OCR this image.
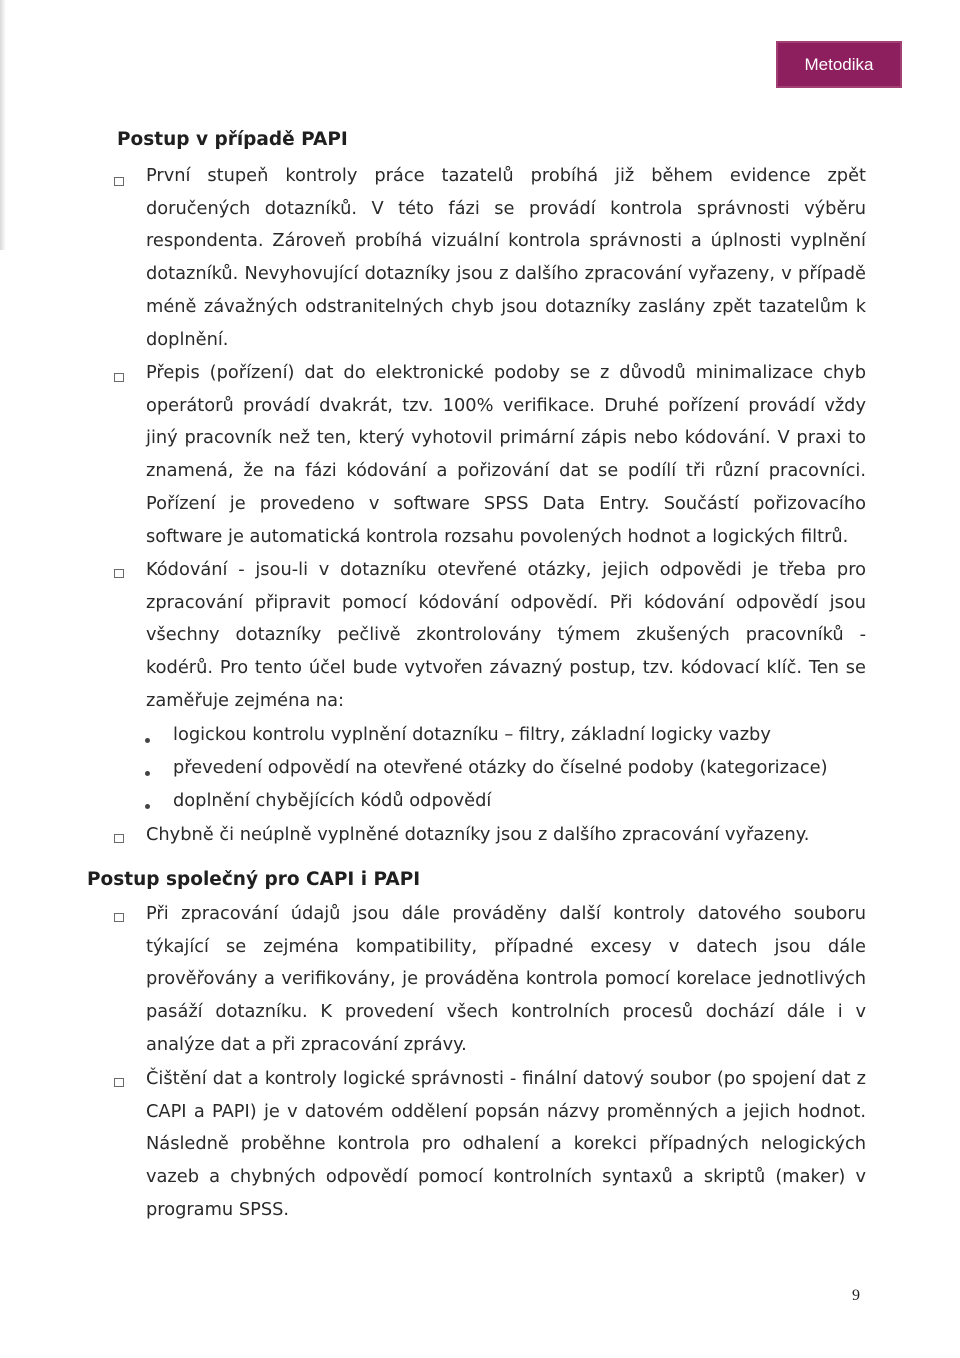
Metodika
Postup v případě PAPI

První stupeň kontroly práce tazatelů probíhá již během evidence zpět doručených dotazníků. V této fázi se provádí kontrola správnosti výběru respondenta. Zároveň probíhá vizuální kontrola správnosti a úplnosti vyplnění dotazníků. Nevyhovující dotazníky jsou z dalšího zpracování vyřazeny, v případě méně závažných odstranitelných chyb jsou dotazníky zaslány zpět tazatelům k doplnění.

Přepis (pořízení) dat do elektronické podoby se z důvodů minimalizace chyb operátorů provádí dvakrát, tzv. 100% verifikace. Druhé pořízení provádí vždy jiný pracovník než ten, který vyhotovil primární zápis nebo kódování. V praxi to znamená, že na fázi kódování a pořizování dat se podílí tři různí pracovníci. Pořízení je provedeno v software SPSS Data Entry. Součástí pořizovacího software je automatická kontrola rozsahu povolených hodnot a logických filtrů.

Kódování - jsou-li v dotazníku otevřené otázky, jejich odpovědi je třeba pro zpracování připravit pomocí kódování odpovědí. Při kódování odpovědí jsou všechny dotazníky pečlivě zkontrolovány týmem zkušených pracovníků - kodérů. Pro tento účel bude vytvořen závazný postup, tzv. kódovací klíč. Ten se zaměřuje zejména na:

logickou kontrolu vyplnění dotazníku – filtry, základní logicky vazby

převedení odpovědí na otevřené otázky do číselné podoby (kategorizace)

doplnění chybějících kódů odpovědí

Chybně či neúplně vyplněné dotazníky jsou z dalšího zpracování vyřazeny.

Postup společný pro CAPI i PAPI

Při zpracování údajů jsou dále prováděny další kontroly datového souboru týkající se zejména kompatibility, případné excesy v datech jsou dále prověřovány a verifikovány, je prováděna kontrola pomocí korelace jednotlivých pasáží dotazníku. K provedení všech kontrolních procesů dochází dále i v analýze dat a při zpracování zprávy.

Čištění dat a kontroly logické správnosti - finální datový soubor (po spojení dat z CAPI a PAPI) je v datovém oddělení popsán názvy proměnných a jejich hodnot. Následně proběhne kontrola pro odhalení a korekci případných nelogických vazeb a chybných odpovědí pomocí kontrolních syntaxů a skriptů (maker) v programu SPSS.

9
